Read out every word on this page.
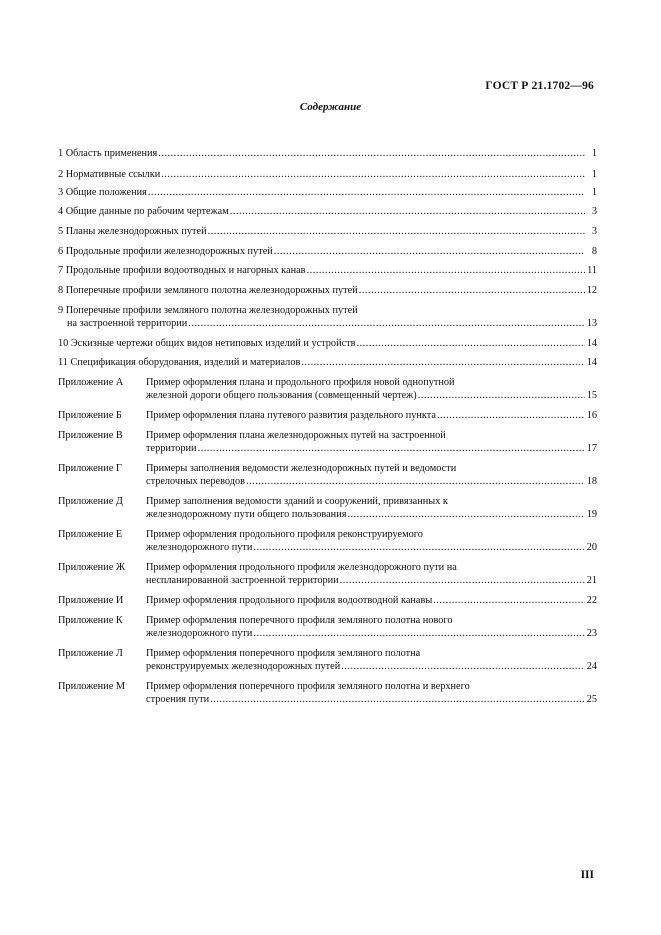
ГОСТ Р 21.1702—96
Содержание
1 Область применения .....	1
2 Нормативные ссылки .....	1
3 Общие положения .....	1
4 Общие данные по рабочим чертежам .....	3
5 Планы железнодорожных путей .....	3
6 Продольные профили железнодорожных путей .....	8
7 Продольные профили водоотводных и нагорных канав .....	11
8 Поперечные профили земляного полотна железнодорожных путей .....	12
9 Поперечные профили земляного полотна железнодорожных путей
на застроенной территории .....	13
10 Эскизные чертежи общих видов нетиповых изделий и устройств .....	14
11 Спецификация оборудования, изделий и материалов .....	14
Приложение А	Пример оформления плана и продольного профиля новой однопутной
железной дороги общего пользования (совмещенный чертеж) .....	15
Приложение Б	Пример оформления плана путевого развития раздельного пункта .....	16
Приложение В	Пример оформления плана железнодорожных путей на застроенной
территории .....	17
Приложение Г	Примеры заполнения ведомости железнодорожных путей и ведомости
стрелочных переводов .....	18
Приложение Д	Пример заполнения ведомости зданий и сооружений, привязанных к
железнодорожному пути общего пользования .....	19
Приложение Е	Пример оформления продольного профиля реконструируемого
железнодорожного пути .....	20
Приложение Ж	Пример оформления продольного профиля железнодорожного пути на
неспланированной застроенной территории .....	21
Приложение И	Пример оформления продольного профиля водоотводной канавы .....	22
Приложение К	Пример оформления поперечного профиля земляного полотна нового
железнодорожного пути .....	23
Приложение Л	Пример оформления поперечного профиля земляного полотна
реконструируемых железнодорожных путей .....	24
Приложение М	Пример оформления поперечного профиля земляного полотна и верхнего
строения пути .....	25
III
